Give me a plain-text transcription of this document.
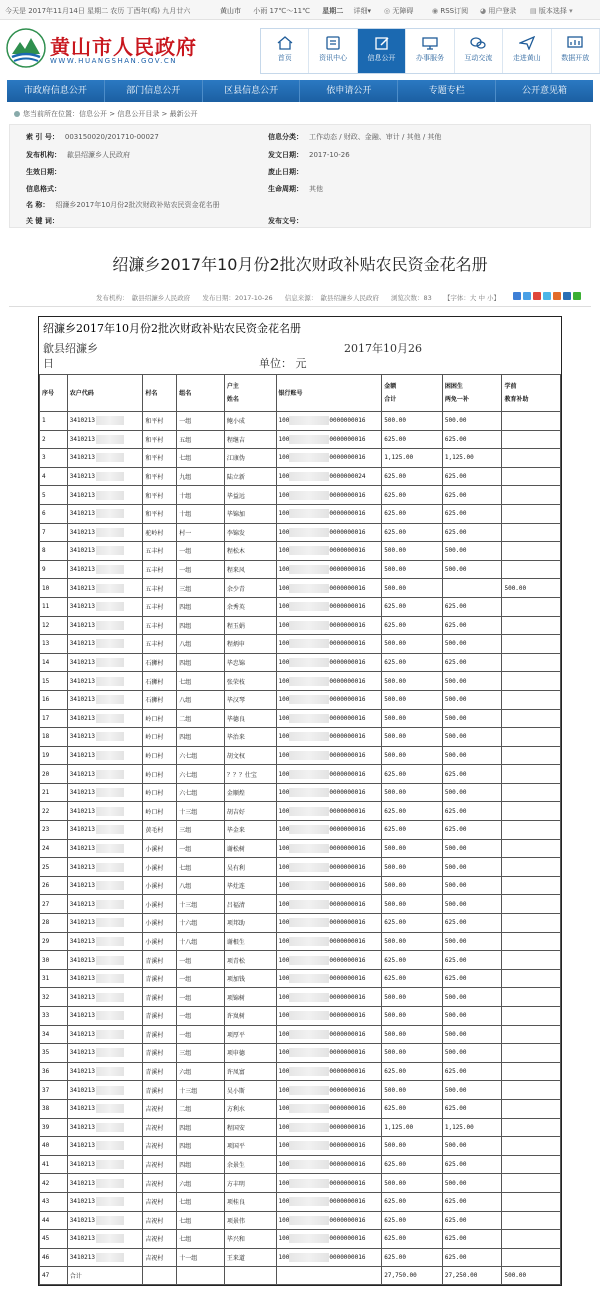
今天是 2017年11月14日 星期二 农历 丁酉年(鸡) 九月廿六	黄山市 小雨 17℃～11℃ 星期二 详细▾ ◎ 无障碍	◉ RSS订阅 ◕ 用户登录 ▤ 版本选择 ▾
黄山市人民政府
WWW.HUANGSHAN.GOV.CN	首页	资讯中心	信息公开	办事服务	互动交流	走进黄山	数据开放
市政府信息公开	部门信息公开	区县信息公开	依申请公开	专题专栏	公开意见箱
您当前所在位置：信息公开 > 信息公开目录 > 最新公开
索 引 号： 003150020/201710-00027
发布机构： 歙县绍濂乡人民政府
生效日期：
信息格式：
名 称： 绍濂乡2017年10月份2批次财政补贴农民资金花名册
关 键 词：
信息分类： 工作动态 / 财政、金融、审计 / 其他 / 其他
发文日期： 2017-10-26
废止日期：
生命周期： 其他
发布文号：
绍濂乡2017年10月份2批次财政补贴农民资金花名册
发布机构：　歙县绍濂乡人民政府 发布日期：2017-10-26 信息来源：　歙县绍濂乡人民政府 浏览次数：83 【字体：大 中 小】
绍濂乡2017年10月份2批次财政补贴农民资金花名册
歙县绍濂乡	2017年10月26
日	单位： 元
序号	农户代码	村名	组名	户主
姓名	银行账号	金额
合计	困困生
两免一补	学前
教育补助
1	3410213	和平村	一组	鲍小成	100 0000000016	500.00	500.00	
2	3410213	和平村	五组	程继吉	100 0000000016	625.00	625.00	
3	3410213	和平村	七组	江康伪	100 0000000016	1,125.00	1,125.00	
4	3410213	和平村	九组	陆立新	100 0000000024	625.00	625.00	
5	3410213	和平村	十组	毕益远	100 0000000016	625.00	625.00	
6	3410213	和平村	十组	毕锦加	100 0000000016	625.00	625.00	
7	3410213	驼岭村	村一	李锦发	100 0000000016	625.00	625.00	
8	3410213	五丰村	一组	程松木	100 0000000016	500.00	500.00	
9	3410213	五丰村	一组	程来风	100 0000000016	500.00	500.00	
10	3410213	五丰村	三组	余少青	100 0000000016	500.00		500.00
11	3410213	五丰村	四组	余秀英	100 0000000016	625.00	625.00	
12	3410213	五丰村	四组	程玉娟	100 0000000016	625.00	625.00	
13	3410213	五丰村	八组	程炳申	100 0000000016	500.00	500.00	
14	3410213	石狮村	四组	毕忠锦	100 0000000016	625.00	625.00	
15	3410213	石狮村	七组	张荣枝	100 0000000016	500.00	500.00	
16	3410213	石狮村	八组	毕汉琴	100 0000000016	500.00	500.00	
17	3410213	岭口村	二组	毕德良	100 0000000016	500.00	500.00	
18	3410213	岭口村	四组	毕治来	100 0000000016	500.00	500.00	
19	3410213	岭口村	六七组	胡文权	100 0000000016	500.00	500.00	
20	3410213	岭口村	六七组	？？？仕宝	100 0000000016	625.00	625.00	
21	3410213	岭口村	六七组	金顺煌	100 0000000016	500.00	500.00	
22	3410213	岭口村	十三组	胡吉好	100 0000000016	625.00	625.00	
23	3410213	黄毛村	三组	毕金来	100 0000000016	625.00	625.00	
24	3410213	小溪村	一组	谢松树	100 0000000016	500.00	500.00	
25	3410213	小溪村	七组	吴有利	100 0000000016	500.00	500.00	
26	3410213	小溪村	八组	毕灶连	100 0000000016	500.00	500.00	
27	3410213	小溪村	十三组	吕福清	100 0000000016	500.00	500.00	
28	3410213	小溪村	十六组	项邦助	100 0000000016	625.00	625.00	
29	3410213	小溪村	十八组	谢根生	100 0000000016	500.00	500.00	
30	3410213	青溪村	一组	项青松	100 0000000016	625.00	625.00	
31	3410213	青溪村	一组	项加钱	100 0000000016	625.00	625.00	
32	3410213	青溪村	一组	项锦树	100 0000000016	500.00	500.00	
33	3410213	青溪村	一组	许岚树	100 0000000016	500.00	500.00	
34	3410213	青溪村	一组	项厚平	100 0000000016	500.00	500.00	
35	3410213	青溪村	三组	项申德	100 0000000016	500.00	500.00	
36	3410213	青溪村	六组	许凤富	100 0000000016	625.00	625.00	
37	3410213	青溪村	十三组	吴小斯	100 0000000016	500.00	500.00	
38	3410213	吉祝村	二组	方利水	100 0000000016	625.00	625.00	
39	3410213	吉祝村	四组	程国安	100 0000000016	1,125.00	1,125.00	
40	3410213	吉祝村	四组	项国平	100 0000000016	500.00	500.00	
41	3410213	吉祝村	四组	余景生	100 0000000016	625.00	625.00	
42	3410213	吉祝村	六组	方丰明	100 0000000016	500.00	500.00	
43	3410213	吉祝村	七组	项桂良	100 0000000016	625.00	625.00	
44	3410213	吉祝村	七组	项景伟	100 0000000016	625.00	625.00	
45	3410213	吉祝村	七组	毕兴和	100 0000000016	625.00	625.00	
46	3410213	吉祝村	十一组	王来道	100 0000000016	625.00	625.00	
47	合计					27,750.00	27,250.00	500.00
